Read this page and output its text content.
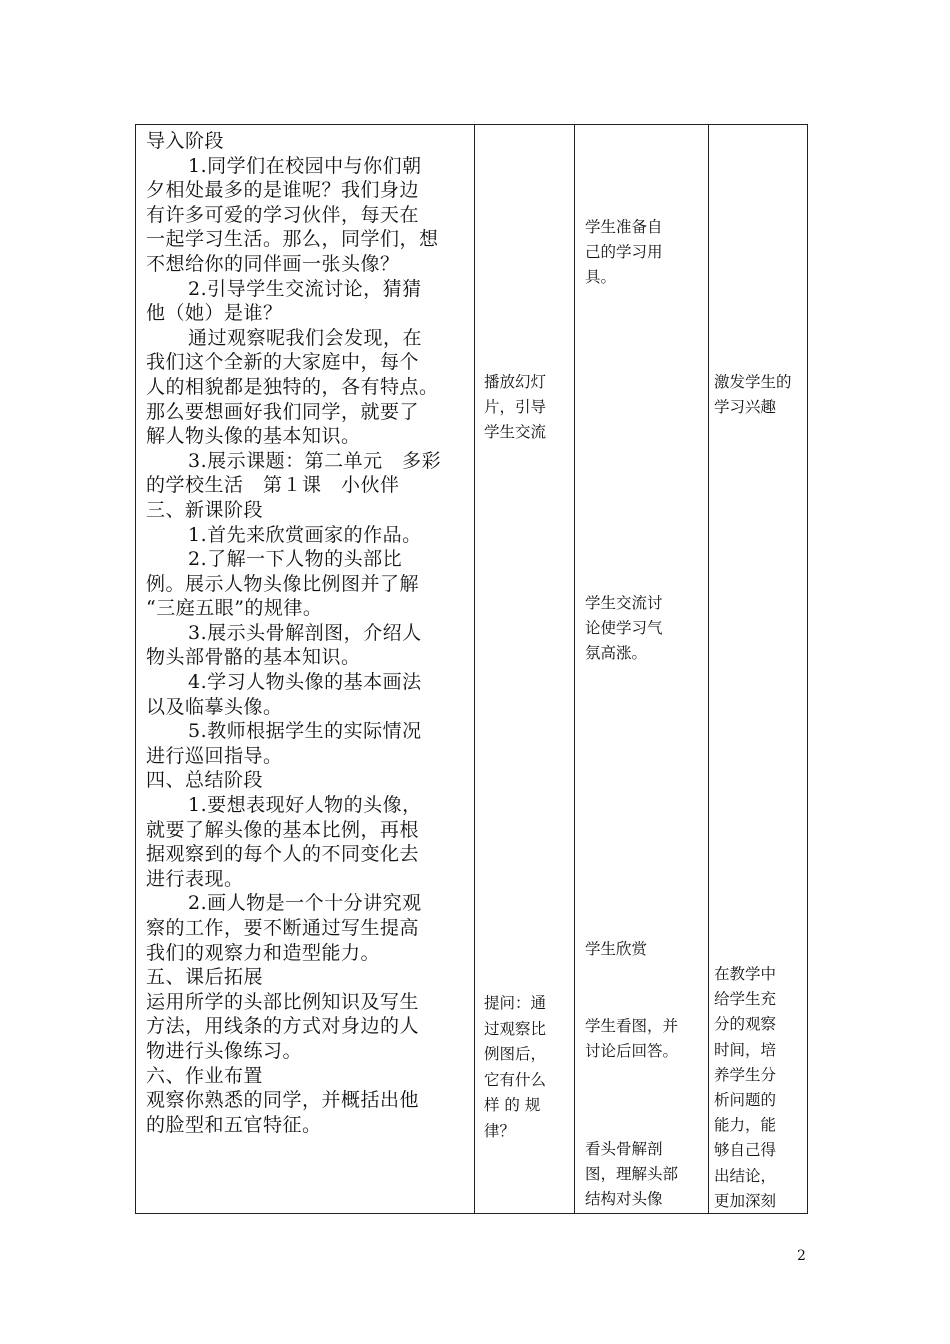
导入阶段
1.同学们在校园中与你们朝
夕相处最多的是谁呢？我们身边
有许多可爱的学习伙伴，每天在
一起学习生活。那么，同学们，想
不想给你的同伴画一张头像？
2.引导学生交流讨论，猜猜
他（她）是谁？
通过观察呢我们会发现，在
我们这个全新的大家庭中，每个
人的相貌都是独特的，各有特点。
那么要想画好我们同学，就要了
解人物头像的基本知识。
3.展示课题：第二单元　多彩
的学校生活　第１课　小伙伴
三、新课阶段
1.首先来欣赏画家的作品。
2.了解一下人物的头部比
例。展示人物头像比例图并了解
“三庭五眼”的规律。
3.展示头骨解剖图，介绍人
物头部骨骼的基本知识。
4.学习人物头像的基本画法
以及临摹头像。
5.教师根据学生的实际情况
进行巡回指导。
四、总结阶段
1.要想表现好人物的头像，
就要了解头像的基本比例，再根
据观察到的每个人的不同变化去
进行表现。
2.画人物是一个十分讲究观
察的工作，要不断通过写生提高
我们的观察力和造型能力。
五、课后拓展
运用所学的头部比例知识及写生
方法，用线条的方式对身边的人
物进行头像练习。
六、作业布置
观察你熟悉的同学，并概括出他
的脸型和五官特征。
播放幻灯
片，引导
学生交流
提问：通
过观察比
例图后，
它有什么
样 的 规
律？
学生准备自
己的学习用
具。
学生交流讨
论使学习气
氛高涨。
学生欣赏
学生看图，并
讨论后回答。
看头骨解剖
图，理解头部
结构对头像
激发学生的
学习兴趣
在教学中
给学生充
分的观察
时间，培
养学生分
析问题的
能力，能
够自己得
出结论，
更加深刻
2
